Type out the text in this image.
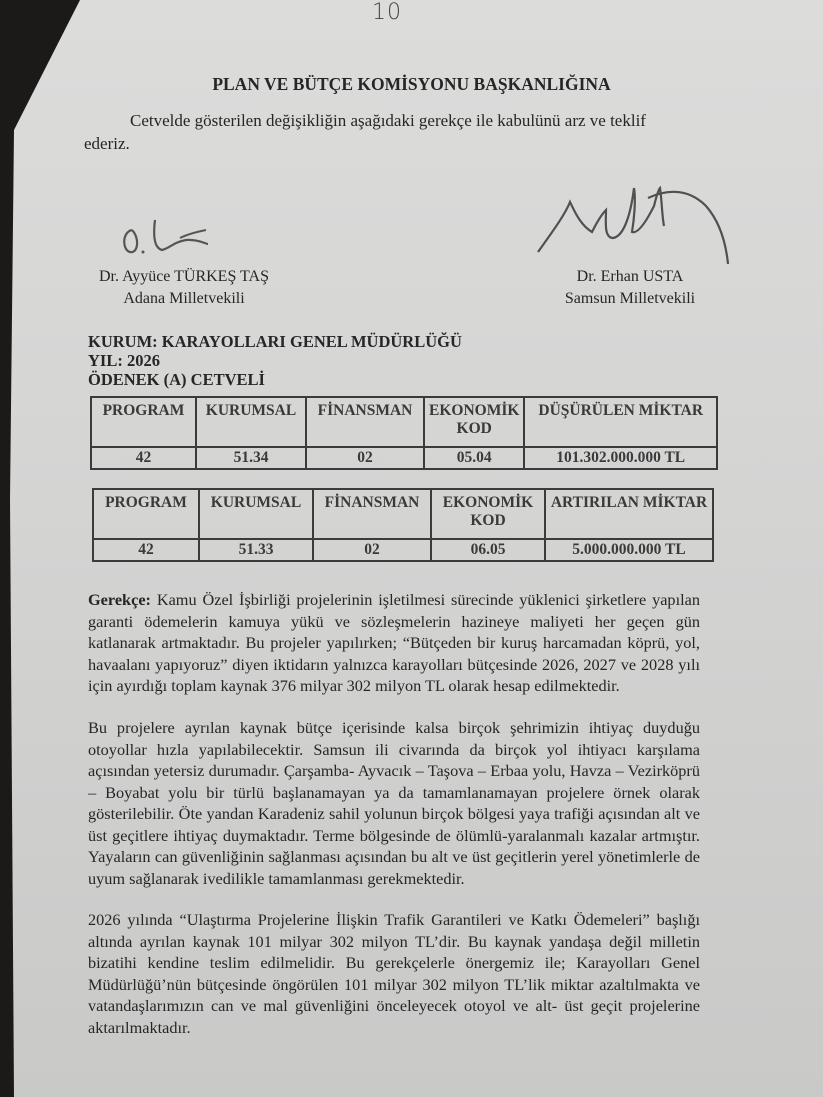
10
PLAN VE BÜTÇE KOMİSYONU BAŞKANLIĞINA
Cetvelde gösterilen değişikliğin aşağıdaki gerekçe ile kabulünü arz ve teklif ederiz.
Dr. Ayyüce TÜRKEŞ TAŞ
Adana Milletvekili
Dr. Erhan USTA
Samsun Milletvekili
KURUM: KARAYOLLARI GENEL MÜDÜRLÜĞÜ
YIL: 2026
ÖDENEK (A) CETVELİ
PROGRAM	KURUMSAL	FİNANSMAN	EKONOMİK KOD	DÜŞÜRÜLEN MİKTAR
42	51.34	02	05.04	101.302.000.000 TL
PROGRAM	KURUMSAL	FİNANSMAN	EKONOMİK KOD	ARTIRILAN MİKTAR
42	51.33	02	06.05	5.000.000.000 TL
Gerekçe: Kamu Özel İşbirliği projelerinin işletilmesi sürecinde yüklenici şirketlere yapılan garanti ödemelerin kamuya yükü ve sözleşmelerin hazineye maliyeti her geçen gün katlanarak artmaktadır. Bu projeler yapılırken; “Bütçeden bir kuruş harcamadan köprü, yol, havaalanı yapıyoruz” diyen iktidarın yalnızca karayolları bütçesinde 2026, 2027 ve 2028 yılı için ayırdığı toplam kaynak 376 milyar 302 milyon TL olarak hesap edilmektedir.
Bu projelere ayrılan kaynak bütçe içerisinde kalsa birçok şehrimizin ihtiyaç duyduğu otoyollar hızla yapılabilecektir. Samsun ili civarında da birçok yol ihtiyacı karşılama açısından yetersiz durumadır. Çarşamba- Ayvacık – Taşova – Erbaa yolu, Havza – Vezirköprü – Boyabat yolu bir türlü başlanamayan ya da tamamlanamayan projelere örnek olarak gösterilebilir. Öte yandan Karadeniz sahil yolunun birçok bölgesi yaya trafiği açısından alt ve üst geçitlere ihtiyaç duymaktadır. Terme bölgesinde de ölümlü-yaralanmalı kazalar artmıştır. Yayaların can güvenliğinin sağlanması açısından bu alt ve üst geçitlerin yerel yönetimlerle de uyum sağlanarak ivedilikle tamamlanması gerekmektedir.
2026 yılında “Ulaştırma Projelerine İlişkin Trafik Garantileri ve Katkı Ödemeleri” başlığı altında ayrılan kaynak 101 milyar 302 milyon TL’dir. Bu kaynak yandaşa değil milletin bizatihi kendine teslim edilmelidir. Bu gerekçelerle önergemiz ile; Karayolları Genel Müdürlüğü’nün bütçesinde öngörülen 101 milyar 302 milyon TL’lik miktar azaltılmakta ve vatandaşlarımızın can ve mal güvenliğini önceleyecek otoyol ve alt- üst geçit projelerine aktarılmaktadır.
